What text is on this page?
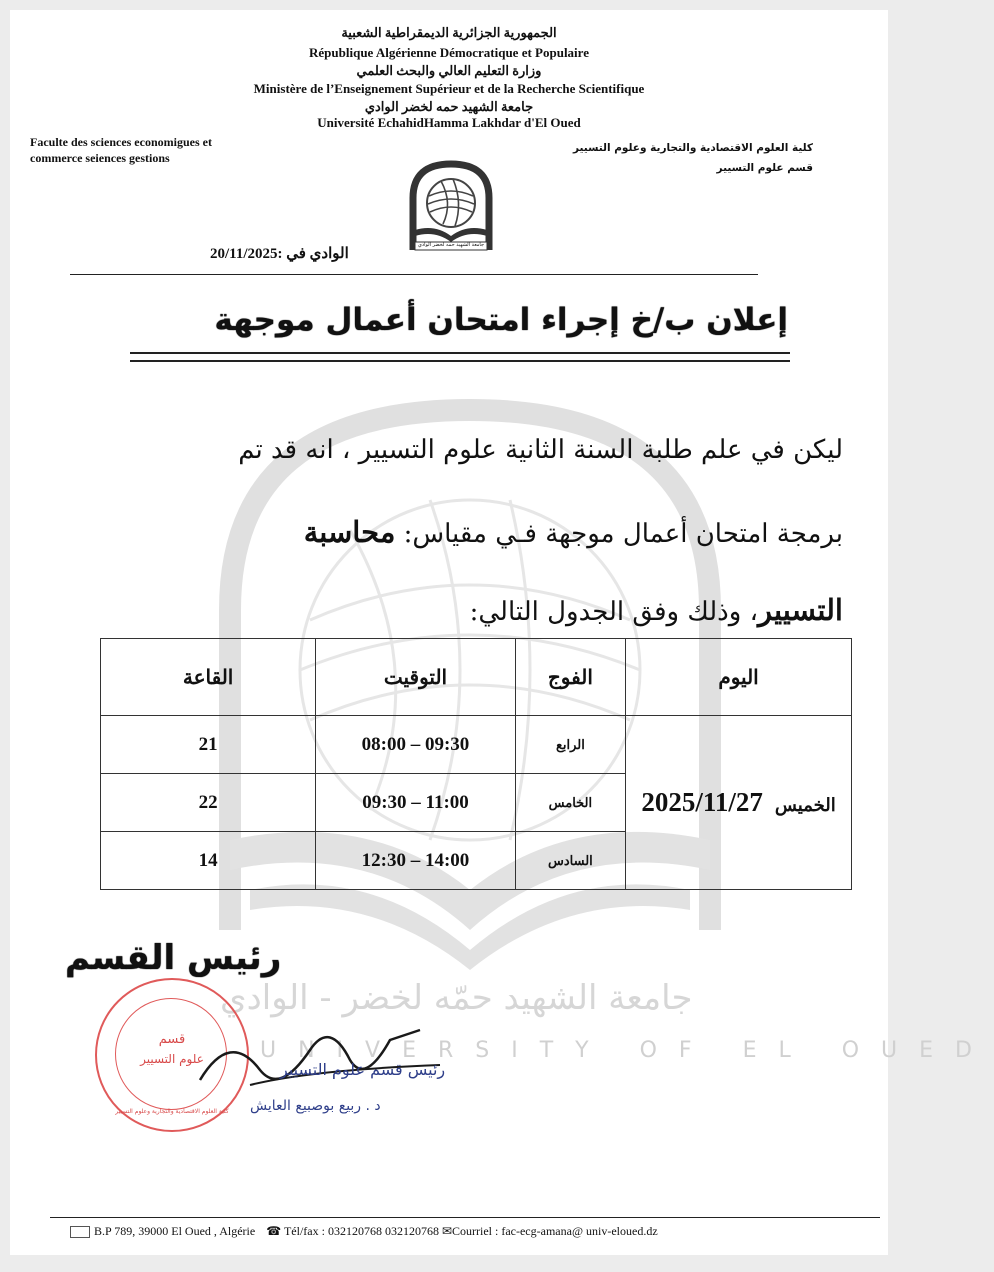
جامعة الشهيد حمّه لخضر - الوادي
UNIVERSITY OF EL OUED
الجمهورية الجزائرية الديمقراطية الشعبية
République Algérienne Démocratique et Populaire
وزارة التعليم العالي والبحث العلمي
Ministère de l’Enseignement Supérieur et de la Recherche Scientifique
جامعة الشهيد حمه لخضر الوادي
Université EchahidHamma Lakhdar d'El Oued
Faculte des sciences economigues et
commerce seiences gestions
كلية العلوم الاقتصادية والتجارية وعلوم التسيير
قسم علوم التسيير
جامعة الشهيد حمه لخضر الوادي
الوادي في :20/11/2025
إعلان ب/خ إجراء امتحان أعمال موجهة
ليكن في علم طلبة السنة الثانية علوم التسيير ، انه قد تم
برمجة امتحان أعمال موجهة فـي مقياس: محاسبة
التسيير، وذلك وفق الجدول التالي:
اليوم	الفوج	التوقيت	القاعة
الخميس 2025/11/27	الرابع	09:30 – 08:00	21
	الخامس	11:00 – 09:30	22
	السادس	14:00 – 12:30	14
رئيس القسم
قسم
علوم التسيير
كلية العلوم الاقتصادية والتجارية وعلوم التسيير
رئيس قسم علوم التسيير
د . ربيع بوصبيع العايش
B.P 789, 39000 El Oued , Algérie ☎ Tél/fax : 032120768 032120768 ✉Courriel : fac-ecg-amana@ univ-eloued.dz
